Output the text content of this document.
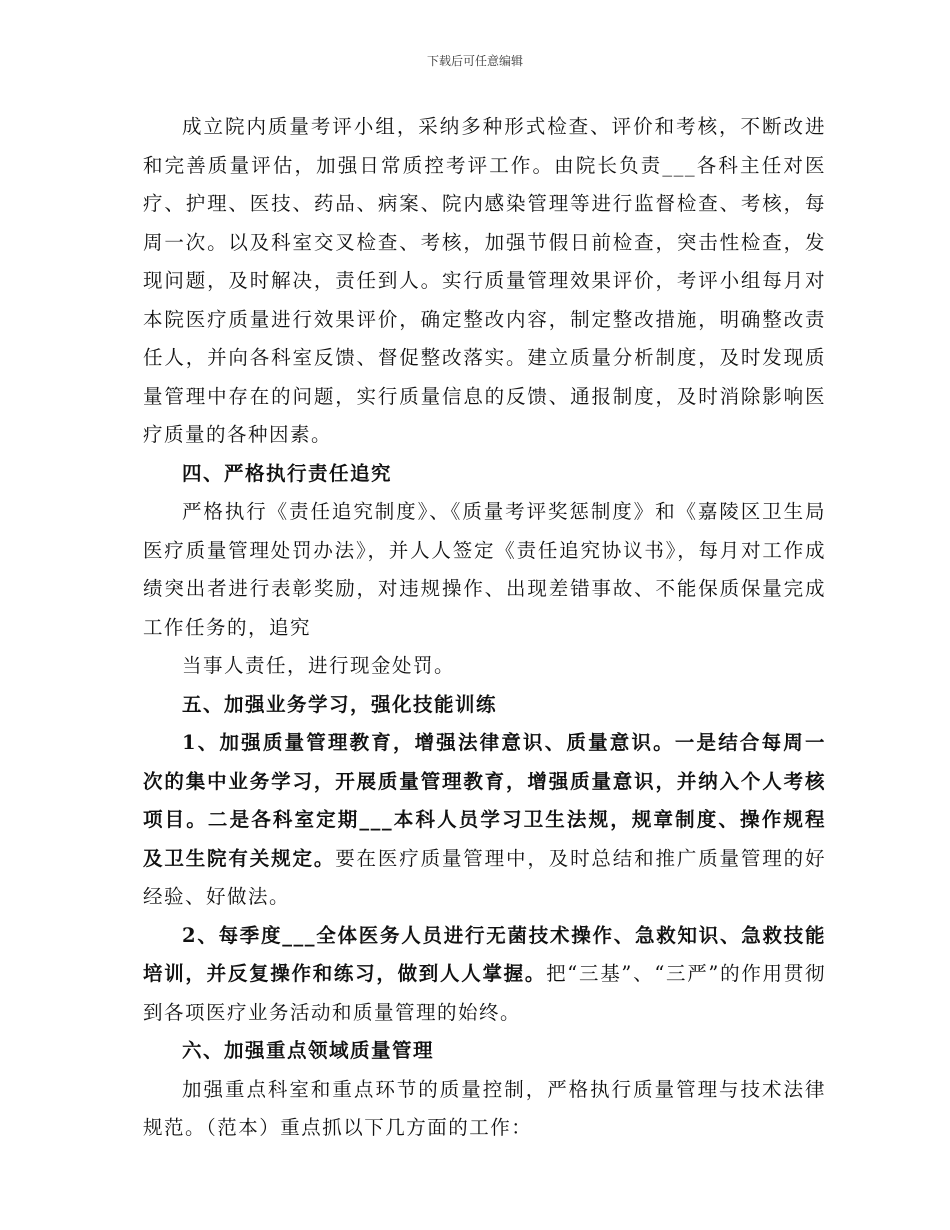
下载后可任意编辑

成立院内质量考评小组，采纳多种形式检查、评价和考核，不断改进和完善质量评估，加强日常质控考评工作。由院长负责___各科主任对医疗、护理、医技、药品、病案、院内感染管理等进行监督检查、考核，每周一次。以及科室交叉检查、考核，加强节假日前检查，突击性检查，发现问题，及时解决，责任到人。实行质量管理效果评价，考评小组每月对本院医疗质量进行效果评价，确定整改内容，制定整改措施，明确整改责任人，并向各科室反馈、督促整改落实。建立质量分析制度，及时发现质量管理中存在的问题，实行质量信息的反馈、通报制度，及时消除影响医疗质量的各种因素。

四、严格执行责任追究

严格执行《责任追究制度》、《质量考评奖惩制度》和《嘉陵区卫生局医疗质量管理处罚办法》，并人人签定《责任追究协议书》，每月对工作成绩突出者进行表彰奖励，对违规操作、出现差错事故、不能保质保量完成工作任务的，追究

当事人责任，进行现金处罚。

五、加强业务学习，强化技能训练

1、加强质量管理教育，增强法律意识、质量意识。一是结合每周一次的集中业务学习，开展质量管理教育，增强质量意识，并纳入个人考核项目。二是各科室定期___本科人员学习卫生法规，规章制度、操作规程及卫生院有关规定。要在医疗质量管理中，及时总结和推广质量管理的好经验、好做法。

2、每季度___全体医务人员进行无菌技术操作、急救知识、急救技能培训，并反复操作和练习，做到人人掌握。把“三基”、“三严”的作用贯彻到各项医疗业务活动和质量管理的始终。

六、加强重点领域质量管理

加强重点科室和重点环节的质量控制，严格执行质量管理与技术法律规范。（范本）重点抓以下几方面的工作：
